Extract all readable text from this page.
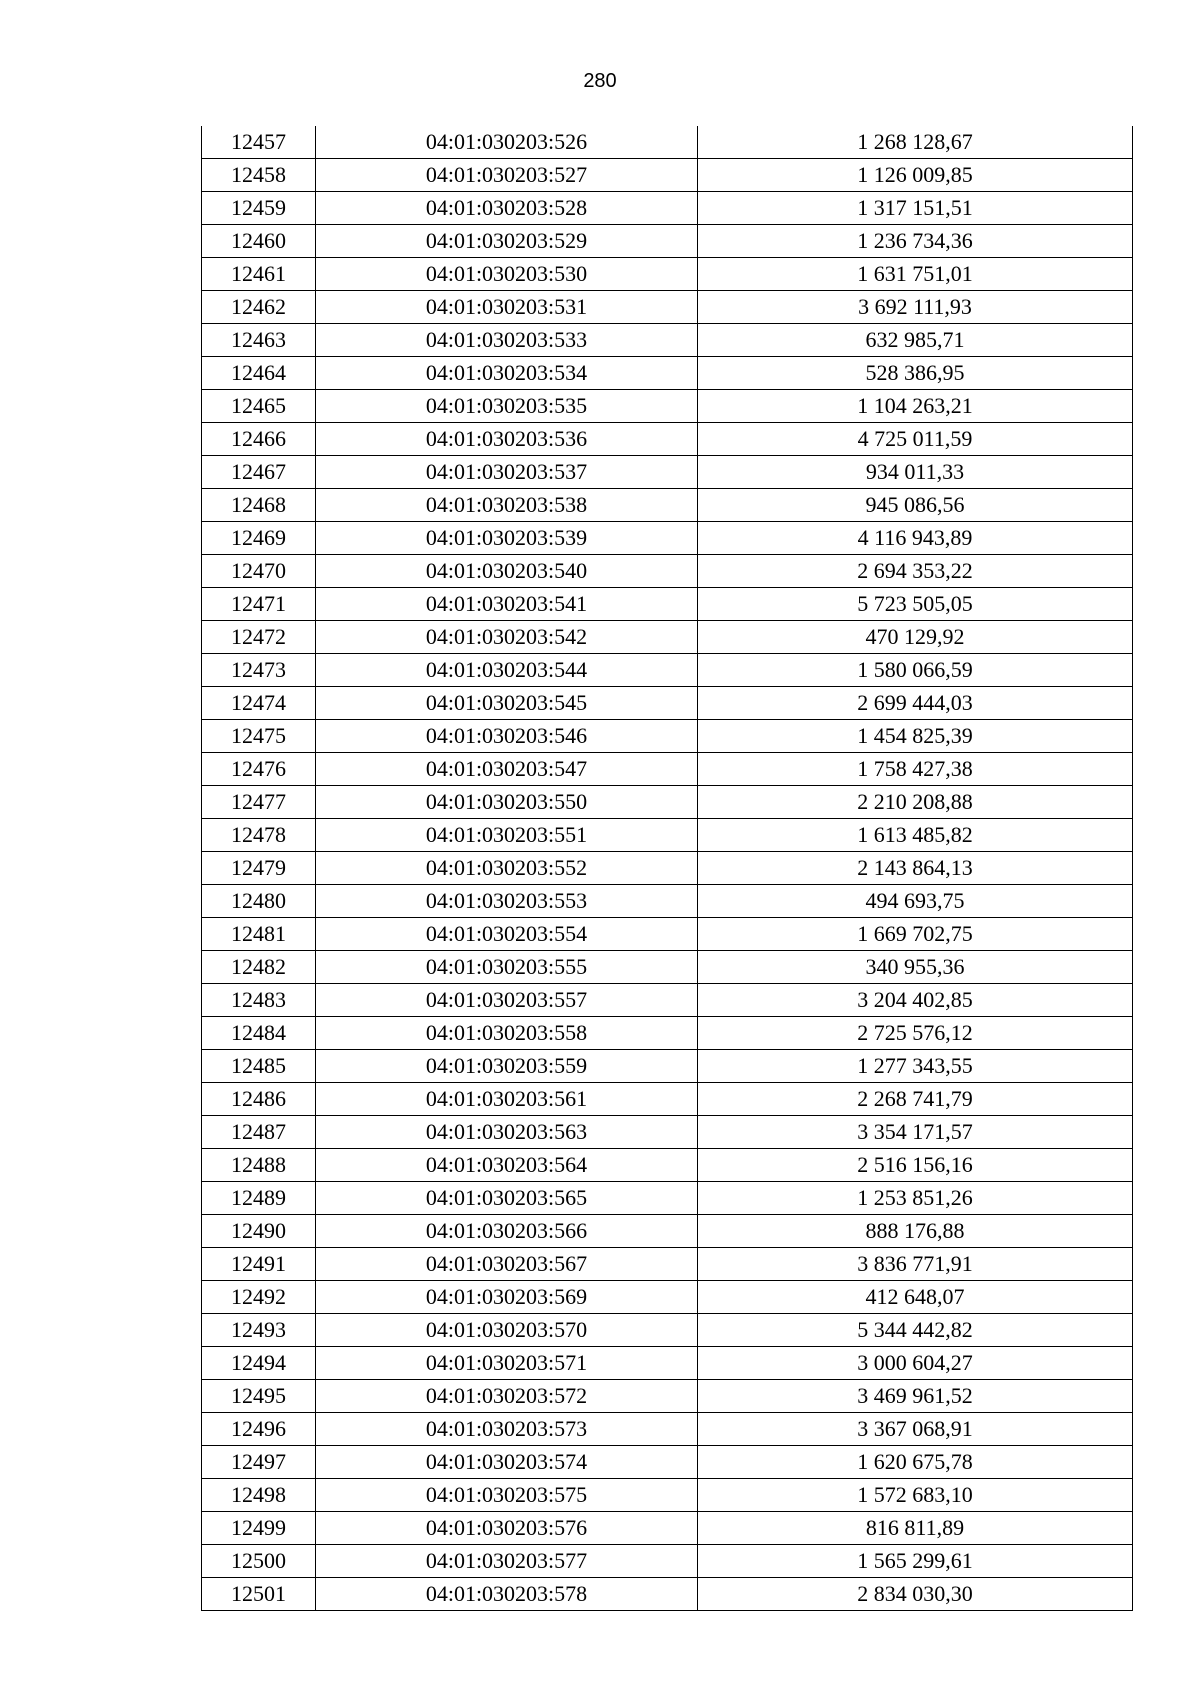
280
12457	04:01:030203:526	1 268 128,67
12458	04:01:030203:527	1 126 009,85
12459	04:01:030203:528	1 317 151,51
12460	04:01:030203:529	1 236 734,36
12461	04:01:030203:530	1 631 751,01
12462	04:01:030203:531	3 692 111,93
12463	04:01:030203:533	632 985,71
12464	04:01:030203:534	528 386,95
12465	04:01:030203:535	1 104 263,21
12466	04:01:030203:536	4 725 011,59
12467	04:01:030203:537	934 011,33
12468	04:01:030203:538	945 086,56
12469	04:01:030203:539	4 116 943,89
12470	04:01:030203:540	2 694 353,22
12471	04:01:030203:541	5 723 505,05
12472	04:01:030203:542	470 129,92
12473	04:01:030203:544	1 580 066,59
12474	04:01:030203:545	2 699 444,03
12475	04:01:030203:546	1 454 825,39
12476	04:01:030203:547	1 758 427,38
12477	04:01:030203:550	2 210 208,88
12478	04:01:030203:551	1 613 485,82
12479	04:01:030203:552	2 143 864,13
12480	04:01:030203:553	494 693,75
12481	04:01:030203:554	1 669 702,75
12482	04:01:030203:555	340 955,36
12483	04:01:030203:557	3 204 402,85
12484	04:01:030203:558	2 725 576,12
12485	04:01:030203:559	1 277 343,55
12486	04:01:030203:561	2 268 741,79
12487	04:01:030203:563	3 354 171,57
12488	04:01:030203:564	2 516 156,16
12489	04:01:030203:565	1 253 851,26
12490	04:01:030203:566	888 176,88
12491	04:01:030203:567	3 836 771,91
12492	04:01:030203:569	412 648,07
12493	04:01:030203:570	5 344 442,82
12494	04:01:030203:571	3 000 604,27
12495	04:01:030203:572	3 469 961,52
12496	04:01:030203:573	3 367 068,91
12497	04:01:030203:574	1 620 675,78
12498	04:01:030203:575	1 572 683,10
12499	04:01:030203:576	816 811,89
12500	04:01:030203:577	1 565 299,61
12501	04:01:030203:578	2 834 030,30
